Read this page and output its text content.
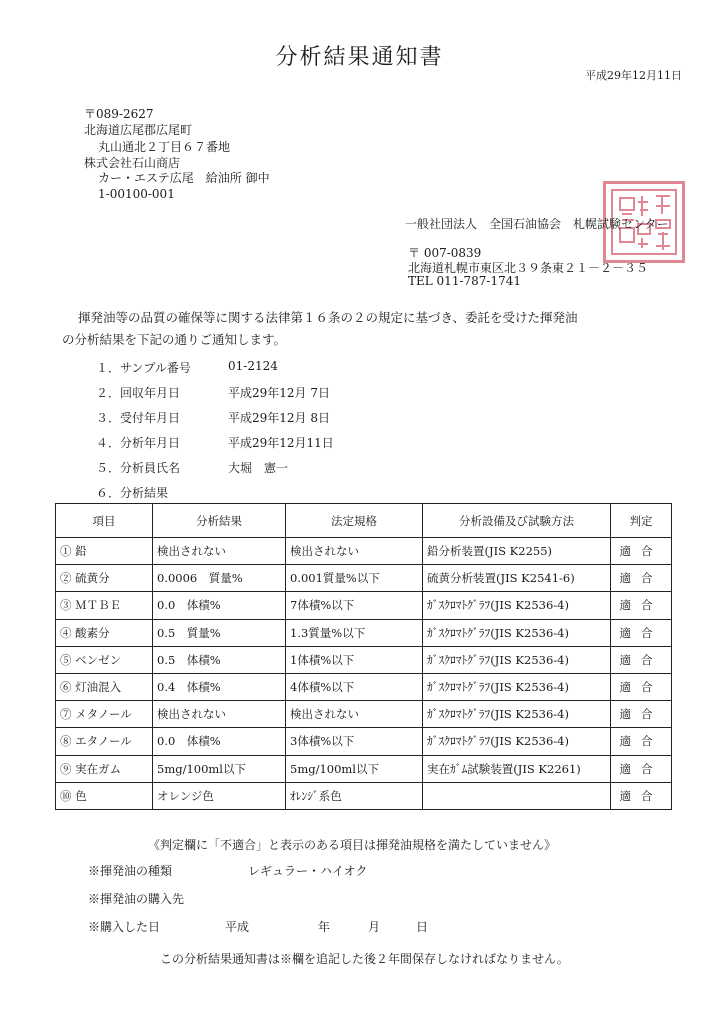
分析結果通知書
平成29年12月11日
〒089-2627
北海道広尾郡広尾町
丸山通北２丁目６７番地
株式会社石山商店
カー・エステ広尾　給油所 御中
1-00100-001
一般社団法人　全国石油協会　札幌試験センター
〒 007-0839
北海道札幌市東区北３９条東２１－２－３５
TEL 011-787-1741
揮発油等の品質の確保等に関する法律第１６条の２の規定に基づき、委託を受けた揮発油
の分析結果を下記の通りご通知します。
１．サンプル番号	01-2124
２．回収年月日	平成29年12月 7日
３．受付年月日	平成29年12月 8日
４．分析年月日	平成29年12月11日
５．分析員氏名	大堀　憲一
６．分析結果
項目	分析結果	法定規格	分析設備及び試験方法	判定
① 鉛	検出されない	検出されない	鉛分析装置(JIS K2255)	適合
② 硫黄分	0.0006　質量%	0.001質量%以下	硫黄分析装置(JIS K2541-6)	適合
③ ＭＴＢＥ	0.0　体積%	7体積%以下	ｶﾞｽｸﾛﾏﾄｸﾞﾗﾌ(JIS K2536-4)	適合
④ 酸素分	0.5　質量%	1.3質量%以下	ｶﾞｽｸﾛﾏﾄｸﾞﾗﾌ(JIS K2536-4)	適合
⑤ ベンゼン	0.5　体積%	1体積%以下	ｶﾞｽｸﾛﾏﾄｸﾞﾗﾌ(JIS K2536-4)	適合
⑥ 灯油混入	0.4　体積%	4体積%以下	ｶﾞｽｸﾛﾏﾄｸﾞﾗﾌ(JIS K2536-4)	適合
⑦ メタノール	検出されない	検出されない	ｶﾞｽｸﾛﾏﾄｸﾞﾗﾌ(JIS K2536-4)	適合
⑧ エタノール	0.0　体積%	3体積%以下	ｶﾞｽｸﾛﾏﾄｸﾞﾗﾌ(JIS K2536-4)	適合
⑨ 実在ガム	5mg/100ml以下	5mg/100ml以下	実在ｶﾞﾑ試験装置(JIS K2261)	適合
⑩ 色	オレンジ色	ｵﾚﾝｼﾞ系色		適合
《判定欄に「不適合」と表示のある項目は揮発油規格を満たしていません》
※揮発油の種類	レギュラー・ハイオク
※揮発油の購入先
※購入した日	平成	年	月	日
この分析結果通知書は※欄を追記した後２年間保存しなければなりません。
